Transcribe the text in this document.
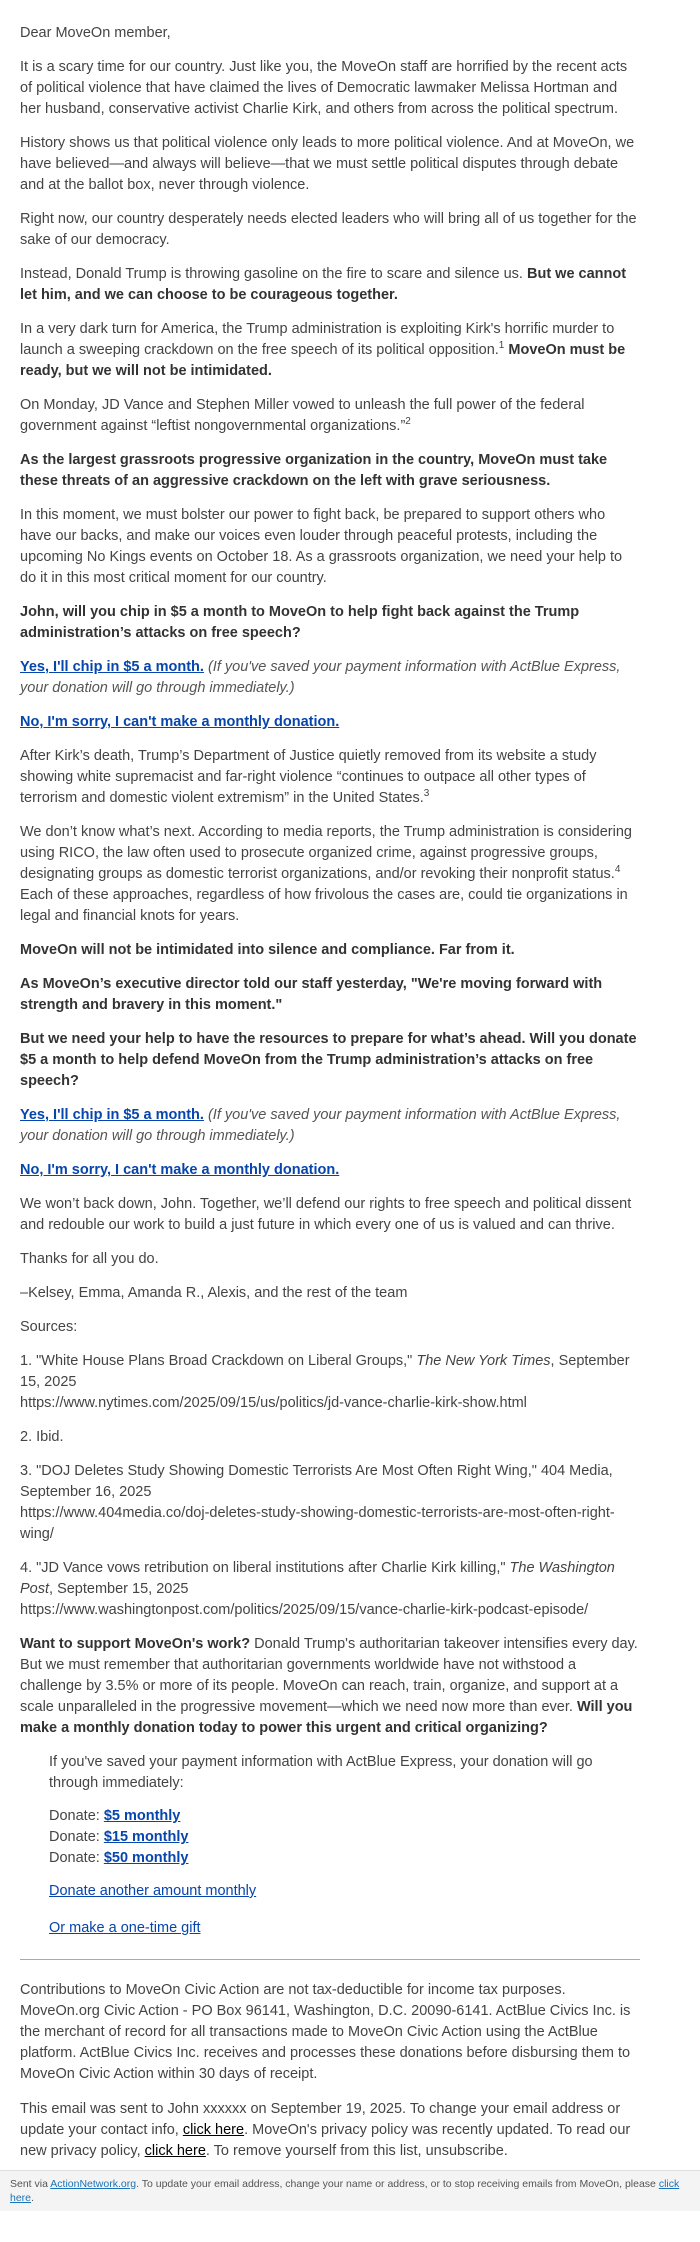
Dear MoveOn member,

It is a scary time for our country. Just like you, the MoveOn staff are horrified by the recent acts of political violence that have claimed the lives of Democratic lawmaker Melissa Hortman and her husband, conservative activist Charlie Kirk, and others from across the political spectrum.

History shows us that political violence only leads to more political violence. And at MoveOn, we have believed—and always will believe—that we must settle political disputes through debate and at the ballot box, never through violence.

Right now, our country desperately needs elected leaders who will bring all of us together for the sake of our democracy.

Instead, Donald Trump is throwing gasoline on the fire to scare and silence us. But we cannot let him, and we can choose to be courageous together.

In a very dark turn for America, the Trump administration is exploiting Kirk's horrific murder to launch a sweeping crackdown on the free speech of its political opposition.$^1$ MoveOn must be ready, but we will not be intimidated.

On Monday, JD Vance and Stephen Miller vowed to unleash the full power of the federal government against “leftist nongovernmental organizations.”$^2$

As the largest grassroots progressive organization in the country, MoveOn must take these threats of an aggressive crackdown on the left with grave seriousness.

In this moment, we must bolster our power to fight back, be prepared to support others who have our backs, and make our voices even louder through peaceful protests, including the upcoming No Kings events on October 18. As a grassroots organization, we need your help to do it in this most critical moment for our country.

John, will you chip in $5 a month to MoveOn to help fight back against the Trump administration’s attacks on free speech?

Yes, I'll chip in $5 a month. (If you've saved your payment information with ActBlue Express, your donation will go through immediately.)

No, I'm sorry, I can't make a monthly donation.

After Kirk’s death, Trump’s Department of Justice quietly removed from its website a study showing white supremacist and far-right violence “continues to outpace all other types of terrorism and domestic violent extremism” in the United States.$^3$

We don’t know what’s next. According to media reports, the Trump administration is considering using RICO, the law often used to prosecute organized crime, against progressive groups, designating groups as domestic terrorist organizations, and/or revoking their nonprofit status.$^4$ Each of these approaches, regardless of how frivolous the cases are, could tie organizations in legal and financial knots for years.

MoveOn will not be intimidated into silence and compliance. Far from it.

As MoveOn’s executive director told our staff yesterday, "We're moving forward with strength and bravery in this moment."

But we need your help to have the resources to prepare for what’s ahead. Will you donate $5 a month to help defend MoveOn from the Trump administration’s attacks on free speech?

Yes, I'll chip in $5 a month. (If you've saved your payment information with ActBlue Express, your donation will go through immediately.)

No, I'm sorry, I can't make a monthly donation.

We won’t back down, John. Together, we’ll defend our rights to free speech and political dissent and redouble our work to build a just future in which every one of us is valued and can thrive.

Thanks for all you do.

–Kelsey, Emma, Amanda R., Alexis, and the rest of the team

Sources:

1. "White House Plans Broad Crackdown on Liberal Groups," The New York Times, September 15, 2025
https://www.nytimes.com/2025/09/15/us/politics/jd-vance-charlie-kirk-show.html

2. Ibid.

3. "DOJ Deletes Study Showing Domestic Terrorists Are Most Often Right Wing," 404 Media, September 16, 2025
https://www.404media.co/doj-deletes-study-showing-domestic-terrorists-are-most-often-right-wing/

4. "JD Vance vows retribution on liberal institutions after Charlie Kirk killing," The Washington Post, September 15, 2025
https://www.washingtonpost.com/politics/2025/09/15/vance-charlie-kirk-podcast-episode/

Want to support MoveOn's work? Donald Trump's authoritarian takeover intensifies every day. But we must remember that authoritarian governments worldwide have not withstood a challenge by 3.5% or more of its people. MoveOn can reach, train, organize, and support at a scale unparalleled in the progressive movement—which we need now more than ever. Will you make a monthly donation today to power this urgent and critical organizing?

If you've saved your payment information with ActBlue Express, your donation will go through immediately:

Donate: $5 monthly
Donate: $15 monthly
Donate: $50 monthly

Donate another amount monthly

Or make a one-time gift

Contributions to MoveOn Civic Action are not tax-deductible for income tax purposes. MoveOn.org Civic Action - PO Box 96141, Washington, D.C. 20090-6141. ActBlue Civics Inc. is the merchant of record for all transactions made to MoveOn Civic Action using the ActBlue platform. ActBlue Civics Inc. receives and processes these donations before disbursing them to MoveOn Civic Action within 30 days of receipt.

This email was sent to John xxxxxx on September 19, 2025. To change your email address or update your contact info, click here. MoveOn's privacy policy was recently updated. To read our new privacy policy, click here. To remove yourself from this list, unsubscribe.

Sent via ActionNetwork.org. To update your email address, change your name or address, or to stop receiving emails from MoveOn, please click here.
